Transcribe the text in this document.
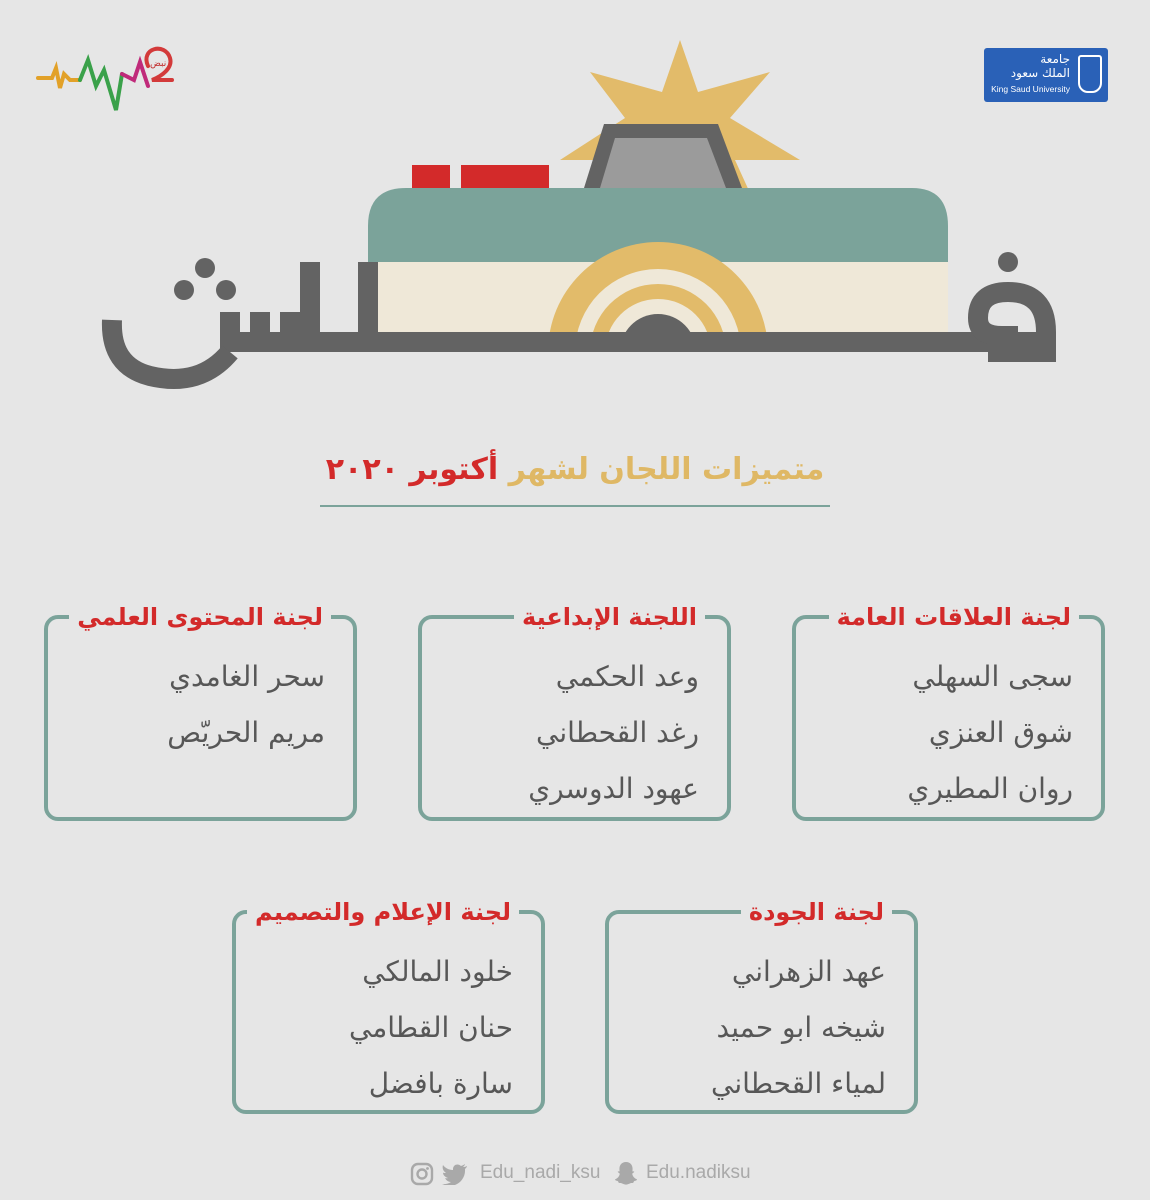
نبض	جامعة
الملك سعود
King Saud University
متميزات اللجان لشهر أكتوبر ٢٠٢٠
لجنة العلاقات العامة
سجى السهلي
شوق العنزي
روان المطيري
اللجنة الإبداعية
وعد الحكمي
رغد القحطاني
عهود الدوسري
لجنة المحتوى العلمي
سحر الغامدي
مريم الحريّص
لجنة الجودة
عهد الزهراني
شيخه ابو حميد
لمياء القحطاني
لجنة الإعلام والتصميم
خلود المالكي
حنان القطامي
سارة بافضل
Edu_nadi_ksu Edu.nadiksu
